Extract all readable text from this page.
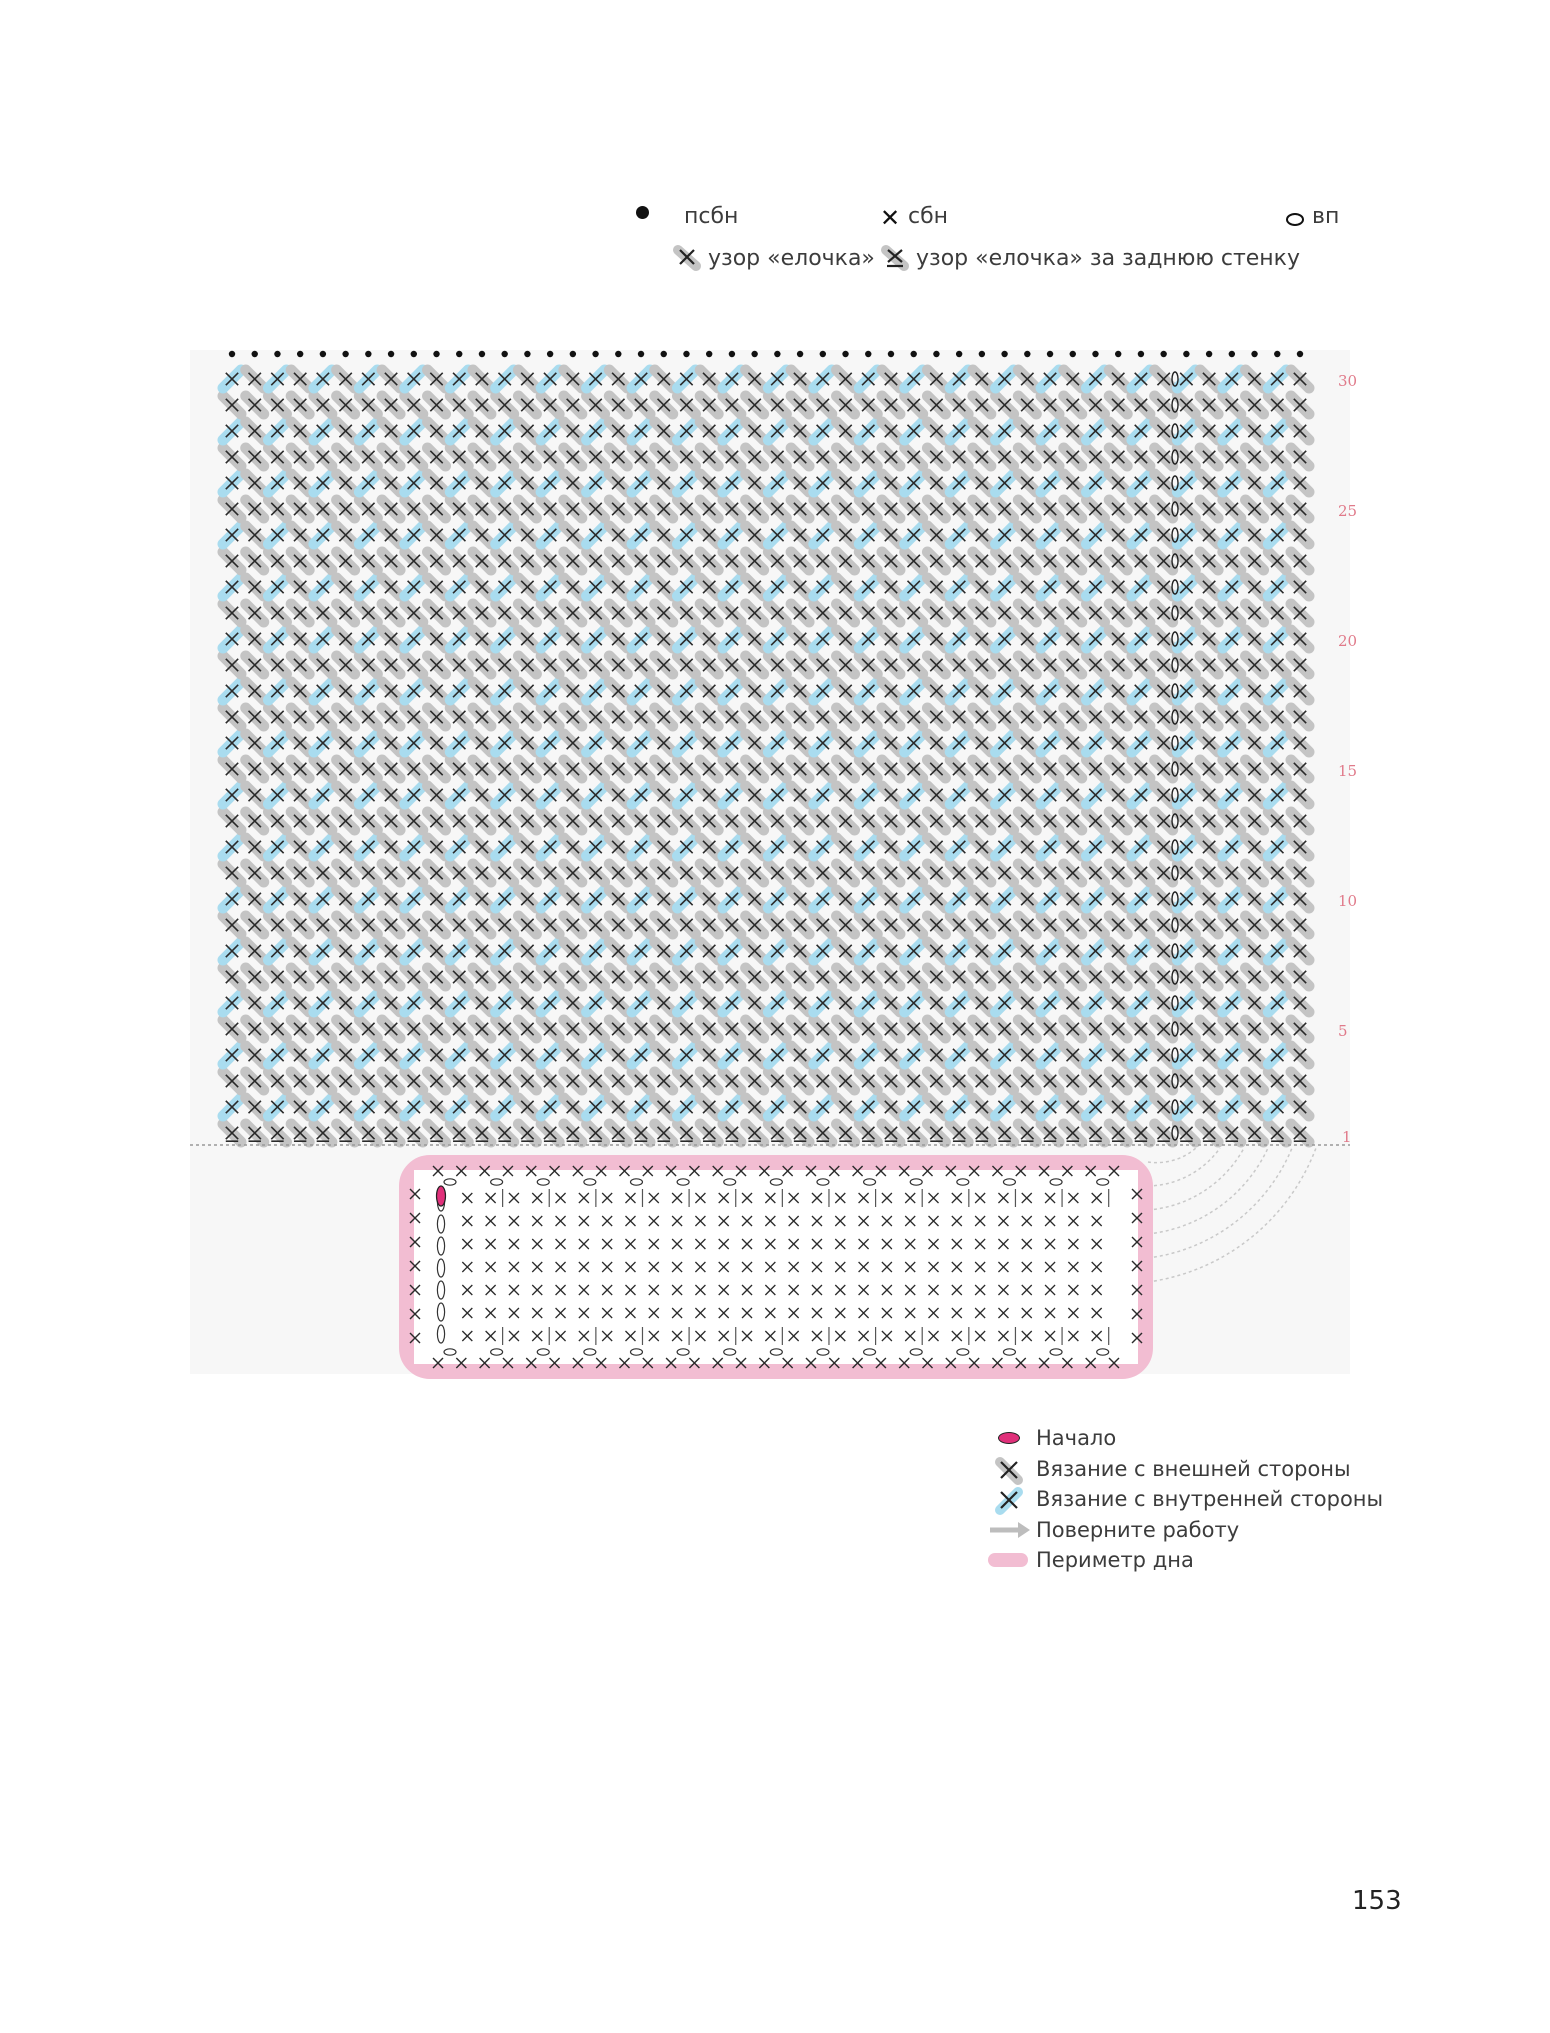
псбн	✕ сбн	вп
узор «елочка» узор «елочка» за заднюю стенку
30
25
20
15
10
5
1
Начало
Вязание с внешней стороны
Вязание с внутренней стороны
Поверните работу
Периметр дна
153
